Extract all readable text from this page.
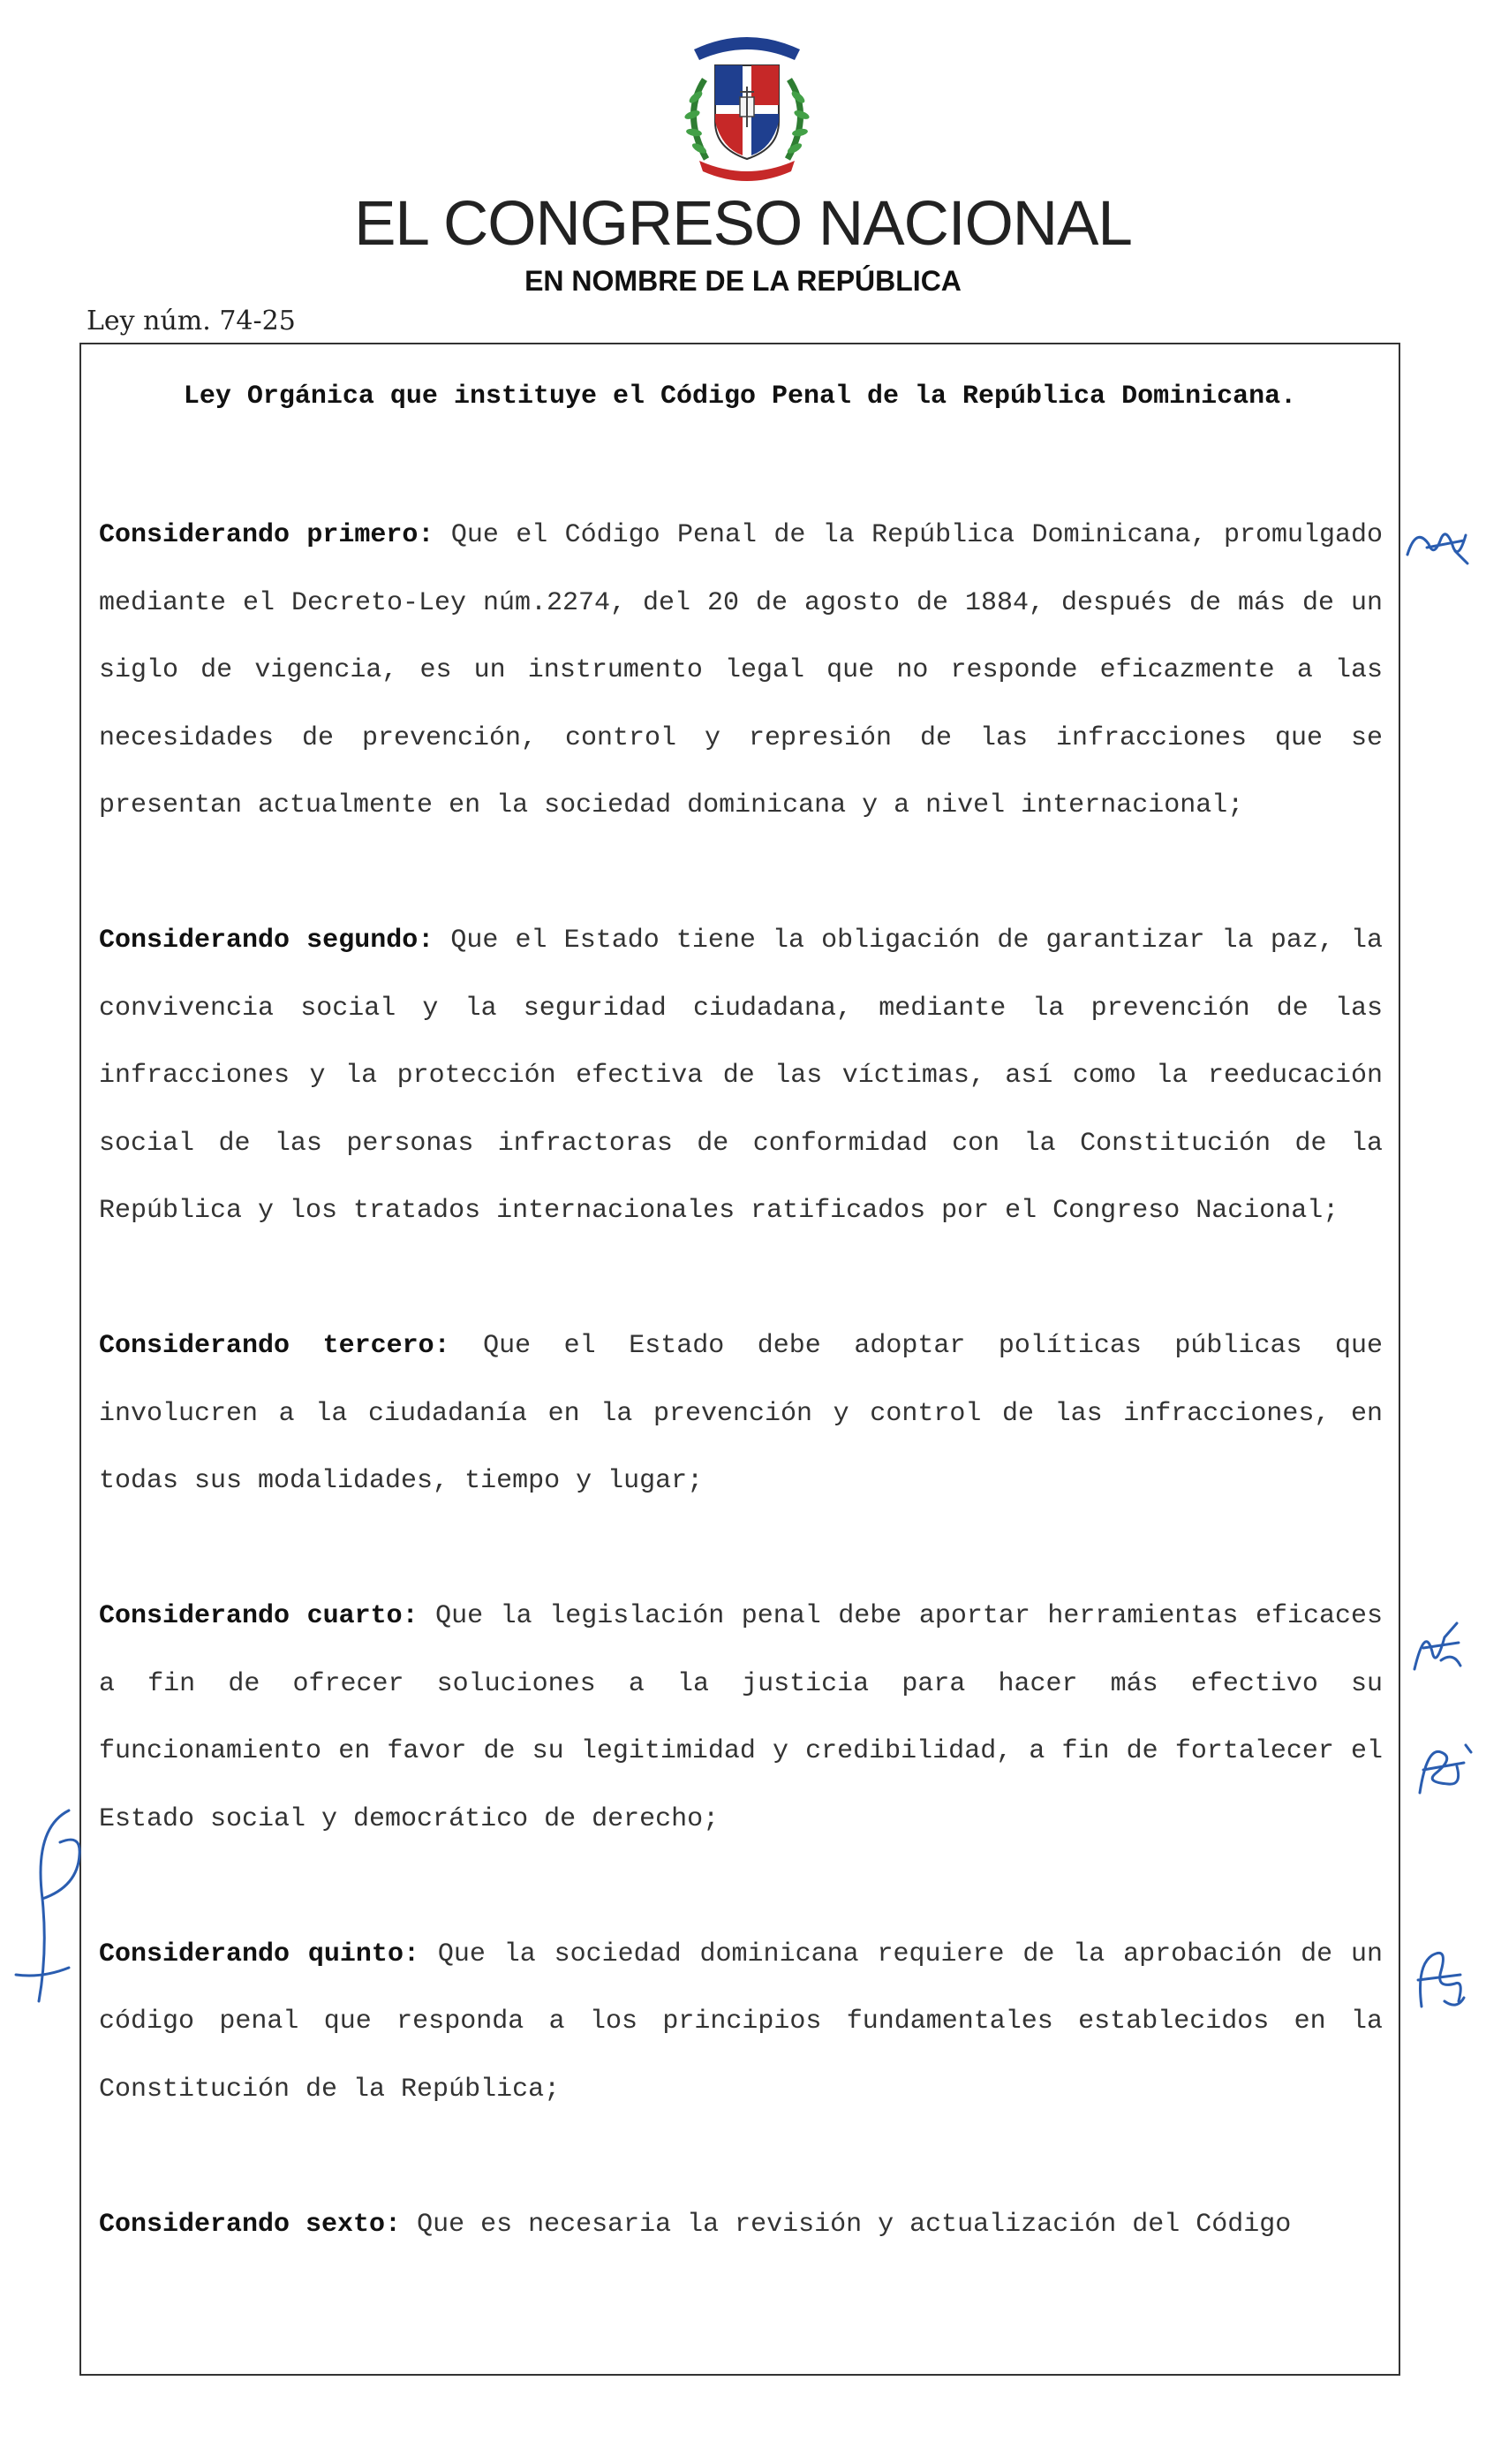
EL CONGRESO NACIONAL
EN NOMBRE DE LA REPÚBLICA
Ley núm. 74-25
Ley Orgánica que instituye el Código Penal de la República Dominicana.

Considerando primero: Que el Código Penal de la República Dominicana, promulgado mediante el Decreto-Ley núm.2274, del 20 de agosto de 1884, después de más de un siglo de vigencia, es un instrumento legal que no responde eficazmente a las necesidades de prevención, control y represión de las infracciones que se presentan actualmente en la sociedad dominicana y a nivel internacional;

Considerando segundo: Que el Estado tiene la obligación de garantizar la paz, la convivencia social y la seguridad ciudadana, mediante la prevención de las infracciones y la protección efectiva de las víctimas, así como la reeducación social de las personas infractoras de conformidad con la Constitución de la República y los tratados internacionales ratificados por el Congreso Nacional;

Considerando tercero: Que el Estado debe adoptar políticas públicas que involucren a la ciudadanía en la prevención y control de las infracciones, en todas sus modalidades, tiempo y lugar;

Considerando cuarto: Que la legislación penal debe aportar herramientas eficaces a fin de ofrecer soluciones a la justicia para hacer más efectivo su funcionamiento en favor de su legitimidad y credibilidad, a fin de fortalecer el Estado social y democrático de derecho;

Considerando quinto: Que la sociedad dominicana requiere de la aprobación de un código penal que responda a los principios fundamentales establecidos en la Constitución de la República;

Considerando sexto: Que es necesaria la revisión y actualización del Código
